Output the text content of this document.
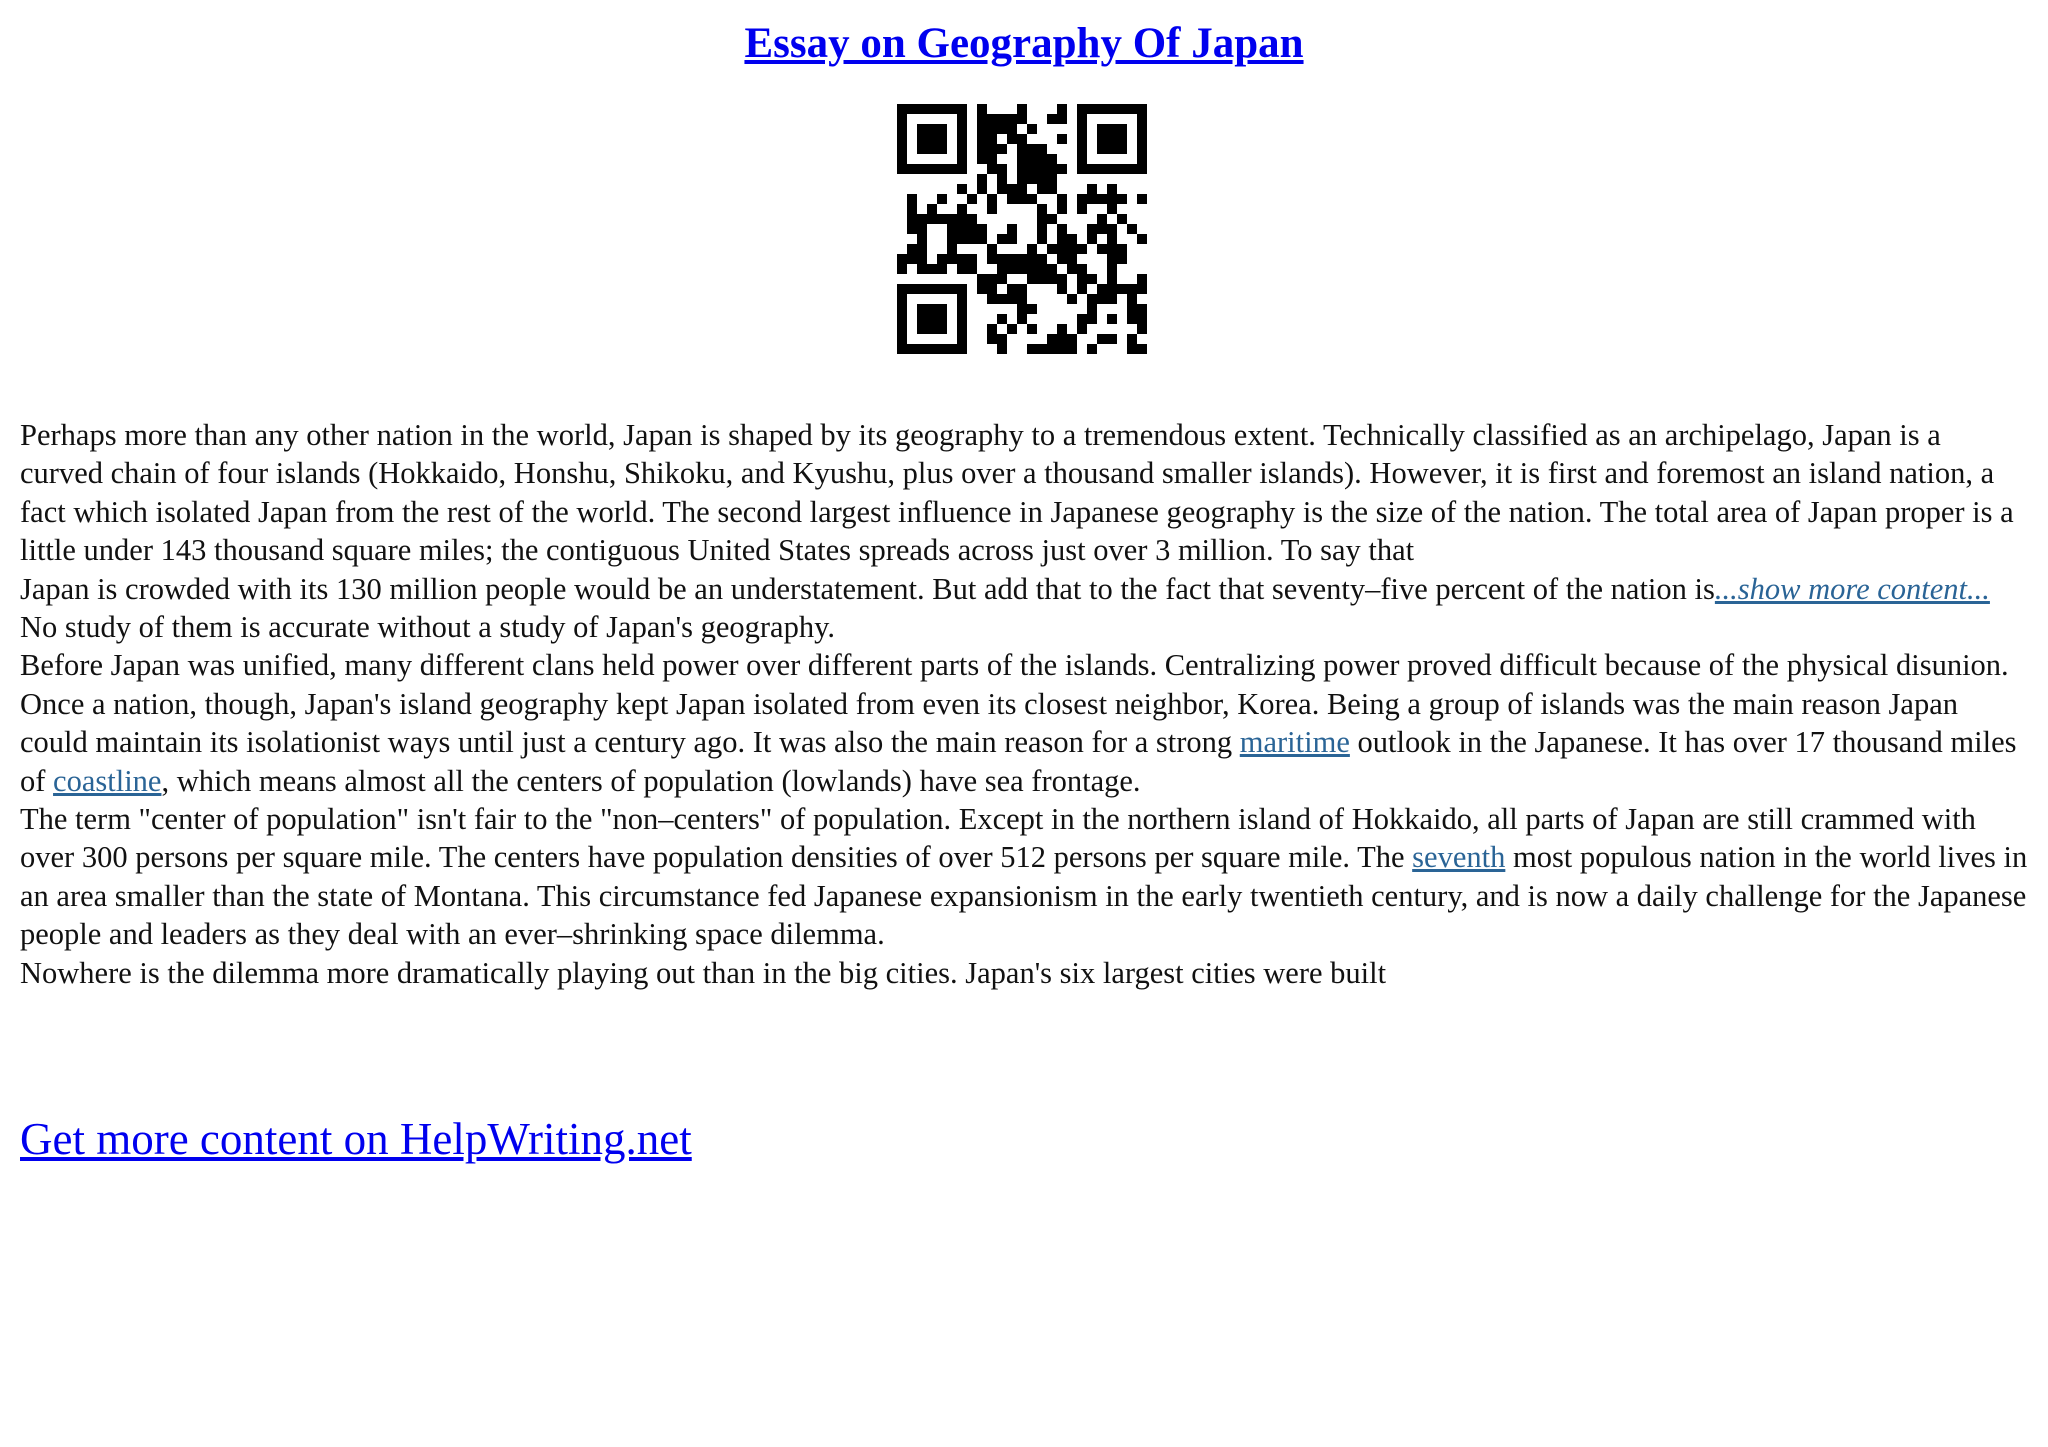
Essay on Geography Of Japan

Perhaps more than any other nation in the world, Japan is shaped by its geography to a tremendous extent. Technically classified as an archipelago, Japan is a curved chain of four islands (Hokkaido, Honshu, Shikoku, and Kyushu, plus over a thousand smaller islands). However, it is first and foremost an island nation, a fact which isolated Japan from the rest of the world. The second largest influence in Japanese geography is the size of the nation. The total area of Japan proper is a little under 143 thousand square miles; the contiguous United States spreads across just over 3 million. To say that

Japan is crowded with its 130 million people would be an understatement. But add that to the fact that seventy–five percent of the nation is...show more content...

No study of them is accurate without a study of Japan's geography.

Before Japan was unified, many different clans held power over different parts of the islands. Centralizing power proved difficult because of the physical disunion. Once a nation, though, Japan's island geography kept Japan isolated from even its closest neighbor, Korea. Being a group of islands was the main reason Japan could maintain its isolationist ways until just a century ago. It was also the main reason for a strong maritime outlook in the Japanese. It has over 17 thousand miles of coastline, which means almost all the centers of population (lowlands) have sea frontage.

The term "center of population" isn't fair to the "non–centers" of population. Except in the northern island of Hokkaido, all parts of Japan are still crammed with over 300 persons per square mile. The centers have population densities of over 512 persons per square mile. The seventh most populous nation in the world lives in an area smaller than the state of Montana. This circumstance fed Japanese expansionism in the early twentieth century, and is now a daily challenge for the Japanese people and leaders as they deal with an ever–shrinking space dilemma.

Nowhere is the dilemma more dramatically playing out than in the big cities. Japan's six largest cities were built

Get more content on HelpWriting.net
